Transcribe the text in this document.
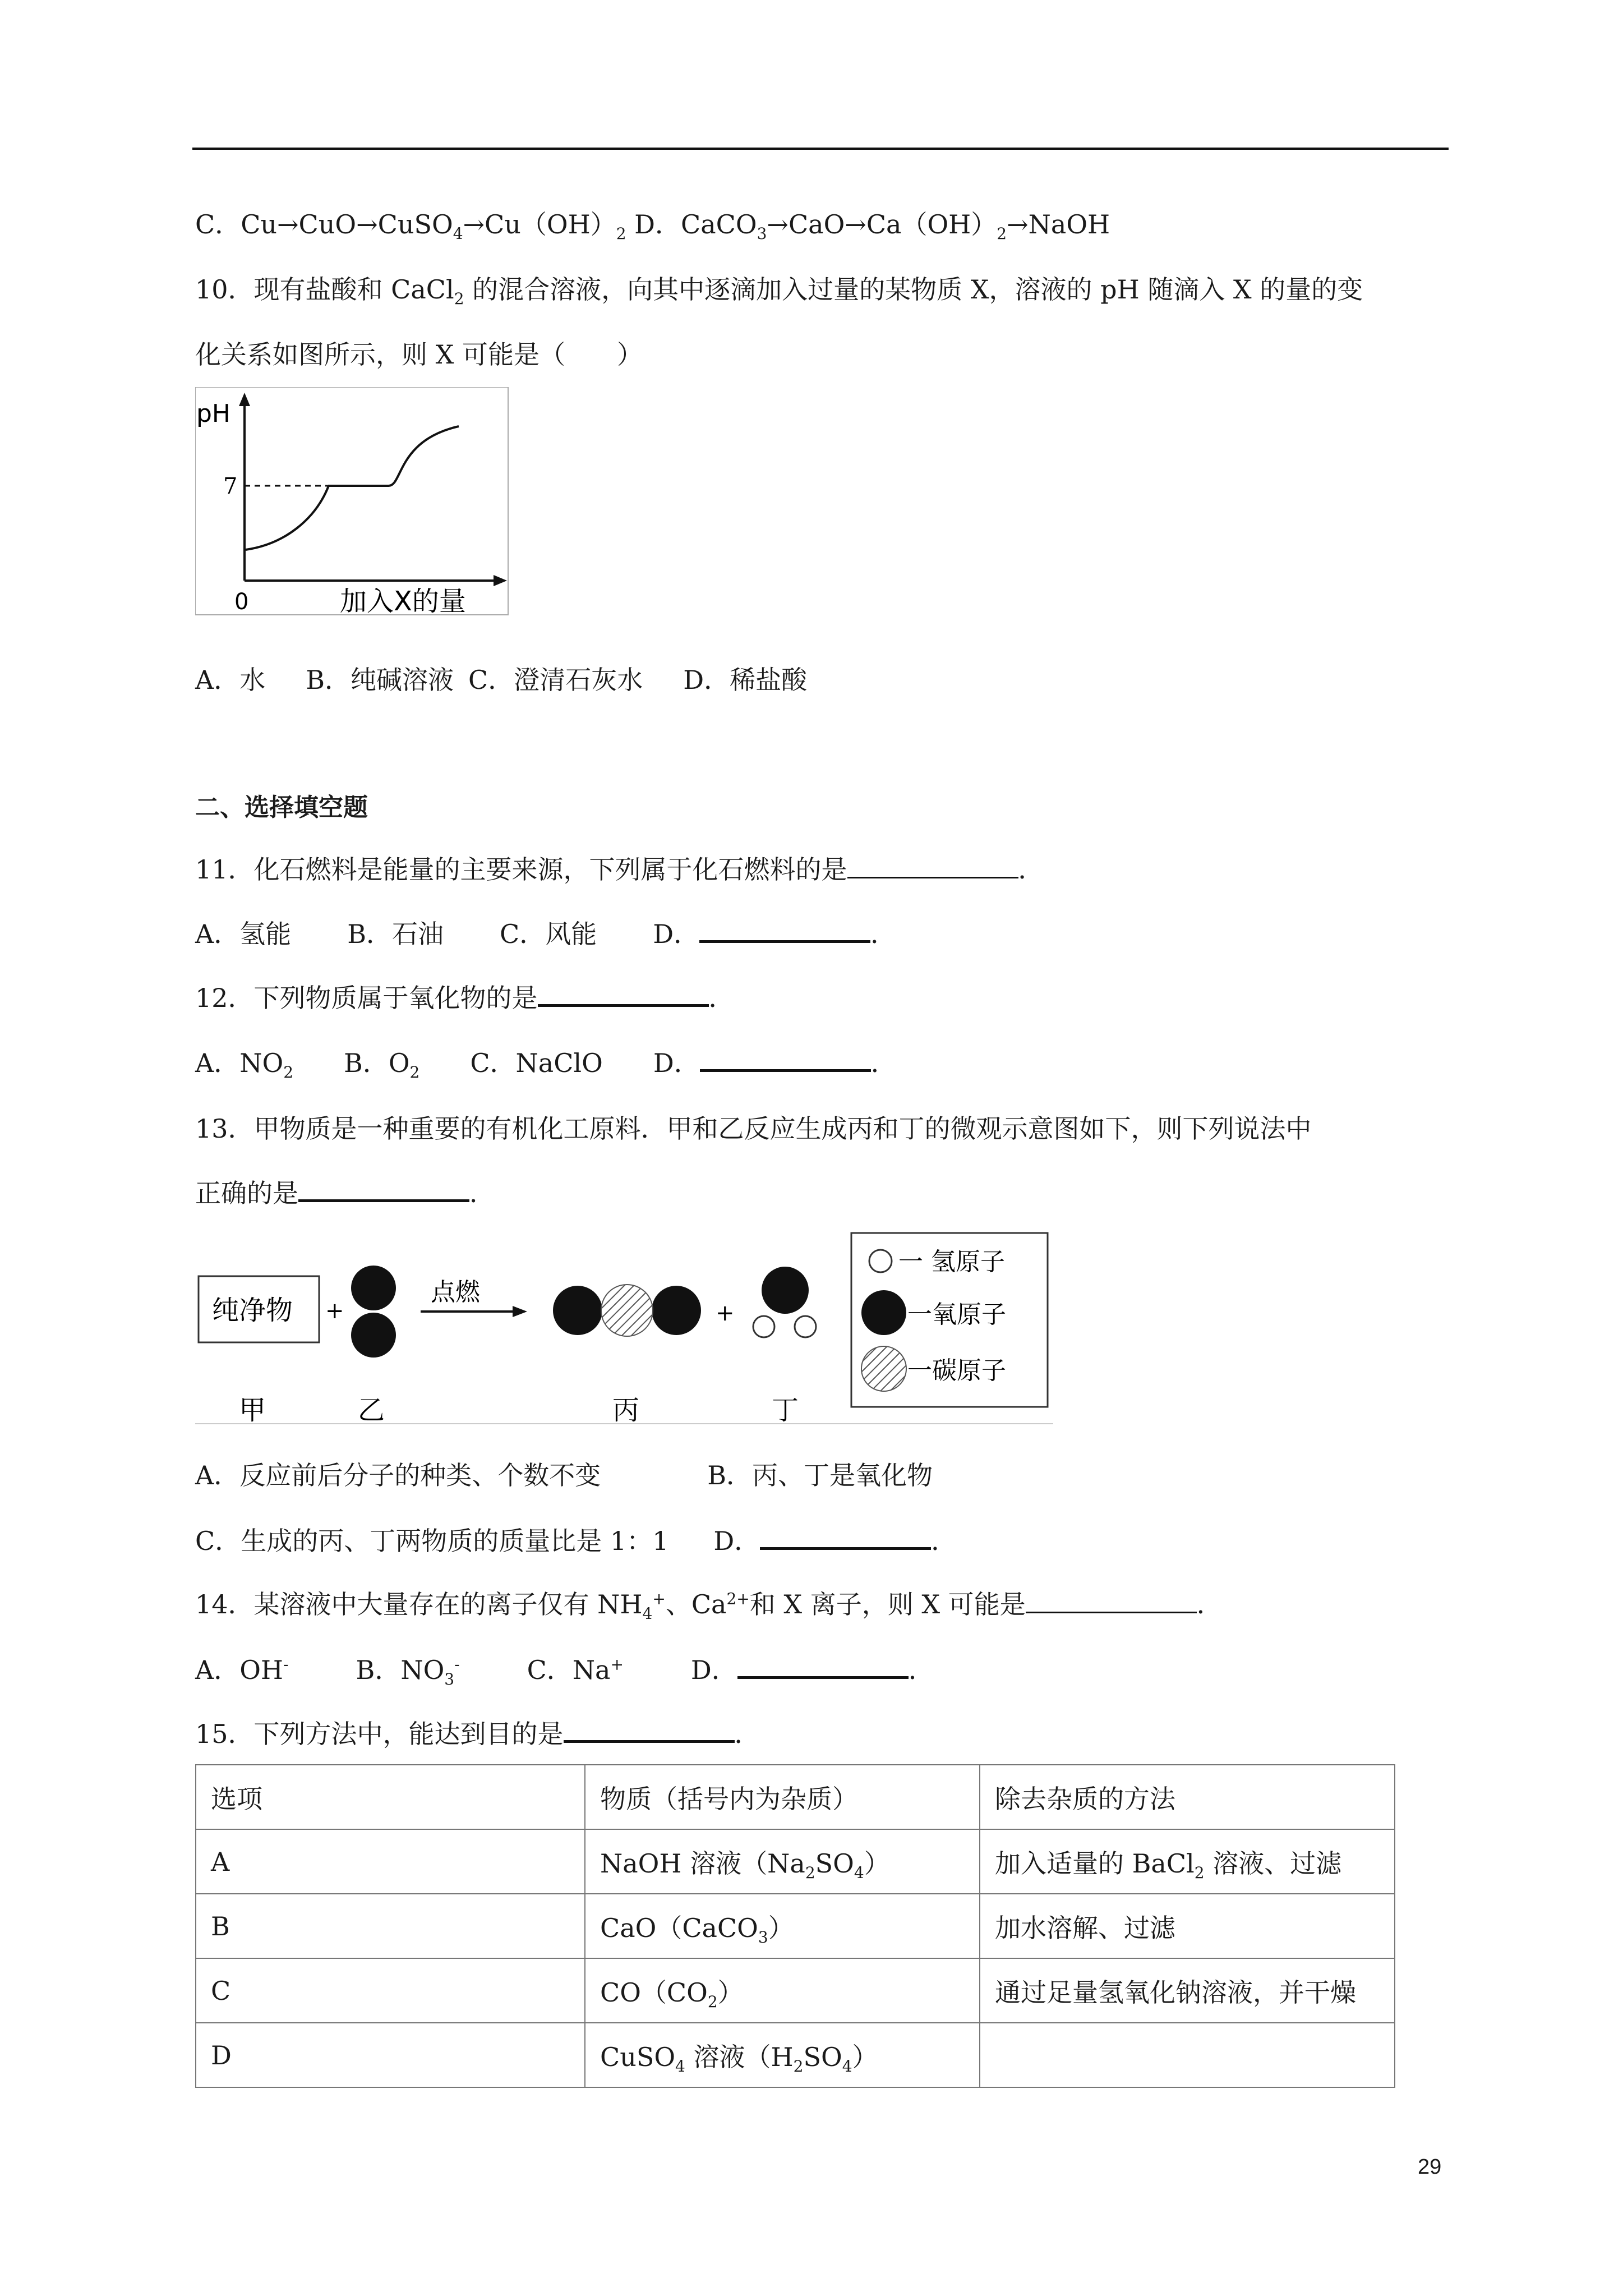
C．$Cu\to CuO\to CuSO_4\to Cu(OH)_2$ D．$CaCO_3\to CaO\to Ca(OH)_2\to NaOH$
10．现有盐酸和 CaCl$_2$ 的混合溶液，向其中逐滴加入过量的某物质 X，溶液的 pH 随滴入 X 的量的变
化关系如图所示，则 X 可能是（　　）
pH
7
0	加入X的量
A．水 B．纯碱溶液 C．澄清石灰水 D．稀盐酸
二、选择填空题
11．化石燃料是能量的主要来源，下列属于化石燃料的是	．
A．氢能 B．石油 C．风能 D．	．
12．下列物质属于氧化物的是	．
A．$NO_2$ B．$O_2$ C．NaClO D．	．
13．甲物质是一种重要的有机化工原料．甲和乙反应生成丙和丁的微观示意图如下，则下列说法中
正确的是	．
纯净物 +
点燃
+
一 氢原子
一氧原子
一碳原子
甲	乙	丙	丁
A．反应前后分子的种类、个数不变	B．丙、丁是氧化物
C．生成的丙、丁两物质的质量比是 1：1 D．	．
14．某溶液中大量存在的离子仅有 $NH_4^+$、$Ca^{2+}$和 X 离子，则 X 可能是	．
A．OH-	B．$NO_3^-$	C．Na+	D．	．
15．下列方法中，能达到目的是	．
选项	物质（括号内为杂质）	除去杂质的方法
A	NaOH 溶液$(Na_2SO_4)$	加入适量的 BaCl$_2$ 溶液、过滤
B	CaO（CaCO$_3$）	加水溶解、过滤
C	$CO(CO_2)$	通过足量氢氧化钠溶液，并干燥
D	CuSO$_4$ 溶液$(H_2SO_4)$	
29
